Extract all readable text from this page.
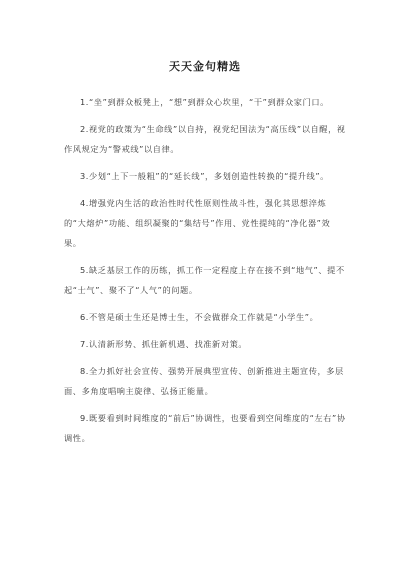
天天金句精选

1.“坐”到群众板凳上，“想”到群众心坎里，“干”到群众家门口。

2.视党的政策为“生命线”以自持，视党纪国法为“高压线”以自醒，视作风规定为“警戒线”以自律。

3.少划“上下一般粗”的“延长线”，多划创造性转换的“提升线”。

4.增强党内生活的政治性时代性原则性战斗性，强化其思想淬炼的“大熔炉”功能、组织凝聚的“集结号”作用、党性提纯的“净化器”效果。

5.缺乏基层工作的历练，抓工作一定程度上存在接不到“地气”、提不起“士气”、聚不了“人气”的问题。

6.不管是硕士生还是博士生，不会做群众工作就是“小学生”。

7.认清新形势、抓住新机遇、找准新对策。

8.全力抓好社会宣传、强势开展典型宣传、创新推进主题宣传，多层面、多角度唱响主旋律、弘扬正能量。

9.既要看到时间维度的“前后”协调性，也要看到空间维度的“左右”协调性。
